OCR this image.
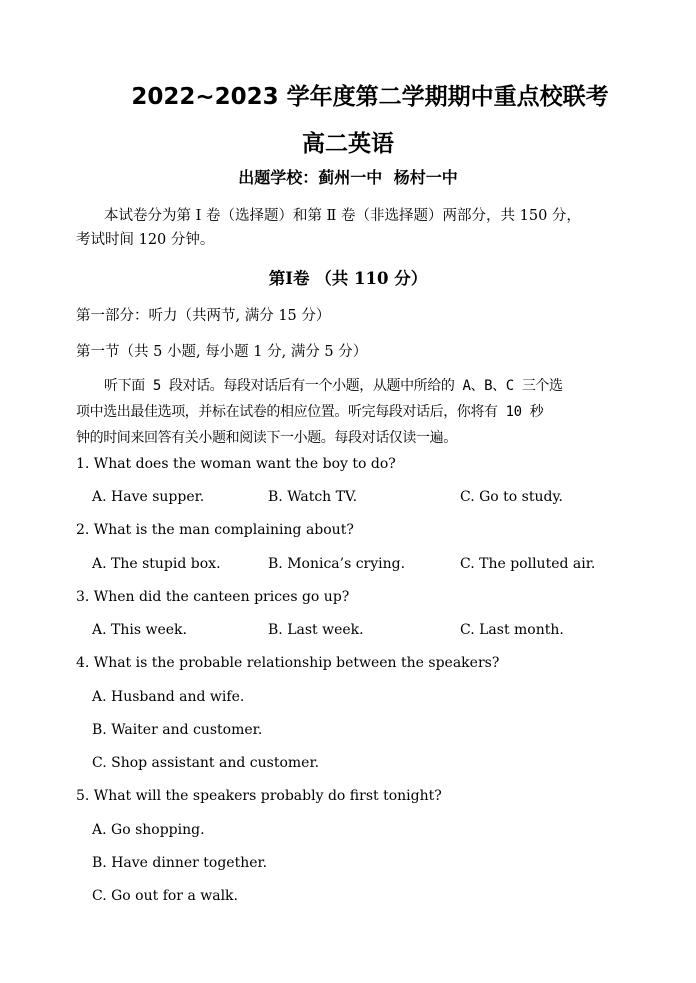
2022~2023 学年度第二学期期中重点校联考
高二英语
出题学校：蓟州一中 杨村一中
本试卷分为第 Ⅰ 卷（选择题）和第 Ⅱ 卷（非选择题）两部分，共 150 分，
考试时间 120 分钟。
第Ⅰ卷 （共 110 分）
第一部分：听力（共两节, 满分 15 分）
第一节（共 5 小题, 每小题 1 分, 满分 5 分）
听下面 5 段对话。每段对话后有一个小题，从题中所给的 A、B、C 三个选
项中选出最佳选项，并标在试卷的相应位置。听完每段对话后，你将有 10 秒
钟的时间来回答有关小题和阅读下一小题。每段对话仅读一遍。
1. What does the woman want the boy to do?
A. Have supper.	B. Watch TV.	C. Go to study.
2. What is the man complaining about?
A. The stupid box.	B. Monica’s crying.	C. The polluted air.
3. When did the canteen prices go up?
A. This week.	B. Last week.	C. Last month.
4. What is the probable relationship between the speakers?
A. Husband and wife.
B. Waiter and customer.
C. Shop assistant and customer.
5. What will the speakers probably do first tonight?
A. Go shopping.
B. Have dinner together.
C. Go out for a walk.
